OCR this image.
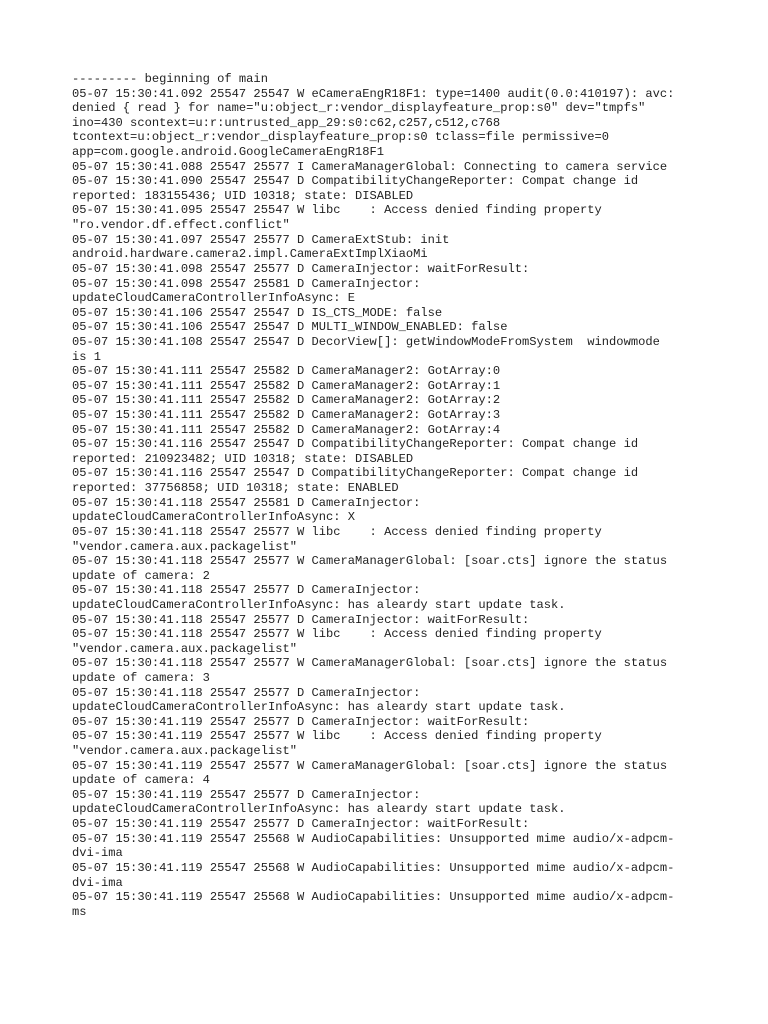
--------- beginning of main
05-07 15:30:41.092 25547 25547 W eCameraEngR18F1: type=1400 audit(0.0:410197): avc:
denied { read } for name="u:object_r:vendor_displayfeature_prop:s0" dev="tmpfs"
ino=430 scontext=u:r:untrusted_app_29:s0:c62,c257,c512,c768
tcontext=u:object_r:vendor_displayfeature_prop:s0 tclass=file permissive=0
app=com.google.android.GoogleCameraEngR18F1
05-07 15:30:41.088 25547 25577 I CameraManagerGlobal: Connecting to camera service
05-07 15:30:41.090 25547 25547 D CompatibilityChangeReporter: Compat change id
reported: 183155436; UID 10318; state: DISABLED
05-07 15:30:41.095 25547 25547 W libc    : Access denied finding property
"ro.vendor.df.effect.conflict"
05-07 15:30:41.097 25547 25577 D CameraExtStub: init
android.hardware.camera2.impl.CameraExtImplXiaoMi
05-07 15:30:41.098 25547 25577 D CameraInjector: waitForResult:
05-07 15:30:41.098 25547 25581 D CameraInjector:
updateCloudCameraControllerInfoAsync: E
05-07 15:30:41.106 25547 25547 D IS_CTS_MODE: false
05-07 15:30:41.106 25547 25547 D MULTI_WINDOW_ENABLED: false
05-07 15:30:41.108 25547 25547 D DecorView[]: getWindowModeFromSystem  windowmode
is 1
05-07 15:30:41.111 25547 25582 D CameraManager2: GotArray:0
05-07 15:30:41.111 25547 25582 D CameraManager2: GotArray:1
05-07 15:30:41.111 25547 25582 D CameraManager2: GotArray:2
05-07 15:30:41.111 25547 25582 D CameraManager2: GotArray:3
05-07 15:30:41.111 25547 25582 D CameraManager2: GotArray:4
05-07 15:30:41.116 25547 25547 D CompatibilityChangeReporter: Compat change id
reported: 210923482; UID 10318; state: DISABLED
05-07 15:30:41.116 25547 25547 D CompatibilityChangeReporter: Compat change id
reported: 37756858; UID 10318; state: ENABLED
05-07 15:30:41.118 25547 25581 D CameraInjector:
updateCloudCameraControllerInfoAsync: X
05-07 15:30:41.118 25547 25577 W libc    : Access denied finding property
"vendor.camera.aux.packagelist"
05-07 15:30:41.118 25547 25577 W CameraManagerGlobal: [soar.cts] ignore the status
update of camera: 2
05-07 15:30:41.118 25547 25577 D CameraInjector:
updateCloudCameraControllerInfoAsync: has aleardy start update task.
05-07 15:30:41.118 25547 25577 D CameraInjector: waitForResult:
05-07 15:30:41.118 25547 25577 W libc    : Access denied finding property
"vendor.camera.aux.packagelist"
05-07 15:30:41.118 25547 25577 W CameraManagerGlobal: [soar.cts] ignore the status
update of camera: 3
05-07 15:30:41.118 25547 25577 D CameraInjector:
updateCloudCameraControllerInfoAsync: has aleardy start update task.
05-07 15:30:41.119 25547 25577 D CameraInjector: waitForResult:
05-07 15:30:41.119 25547 25577 W libc    : Access denied finding property
"vendor.camera.aux.packagelist"
05-07 15:30:41.119 25547 25577 W CameraManagerGlobal: [soar.cts] ignore the status
update of camera: 4
05-07 15:30:41.119 25547 25577 D CameraInjector:
updateCloudCameraControllerInfoAsync: has aleardy start update task.
05-07 15:30:41.119 25547 25577 D CameraInjector: waitForResult:
05-07 15:30:41.119 25547 25568 W AudioCapabilities: Unsupported mime audio/x-adpcm-
dvi-ima
05-07 15:30:41.119 25547 25568 W AudioCapabilities: Unsupported mime audio/x-adpcm-
dvi-ima
05-07 15:30:41.119 25547 25568 W AudioCapabilities: Unsupported mime audio/x-adpcm-
ms
